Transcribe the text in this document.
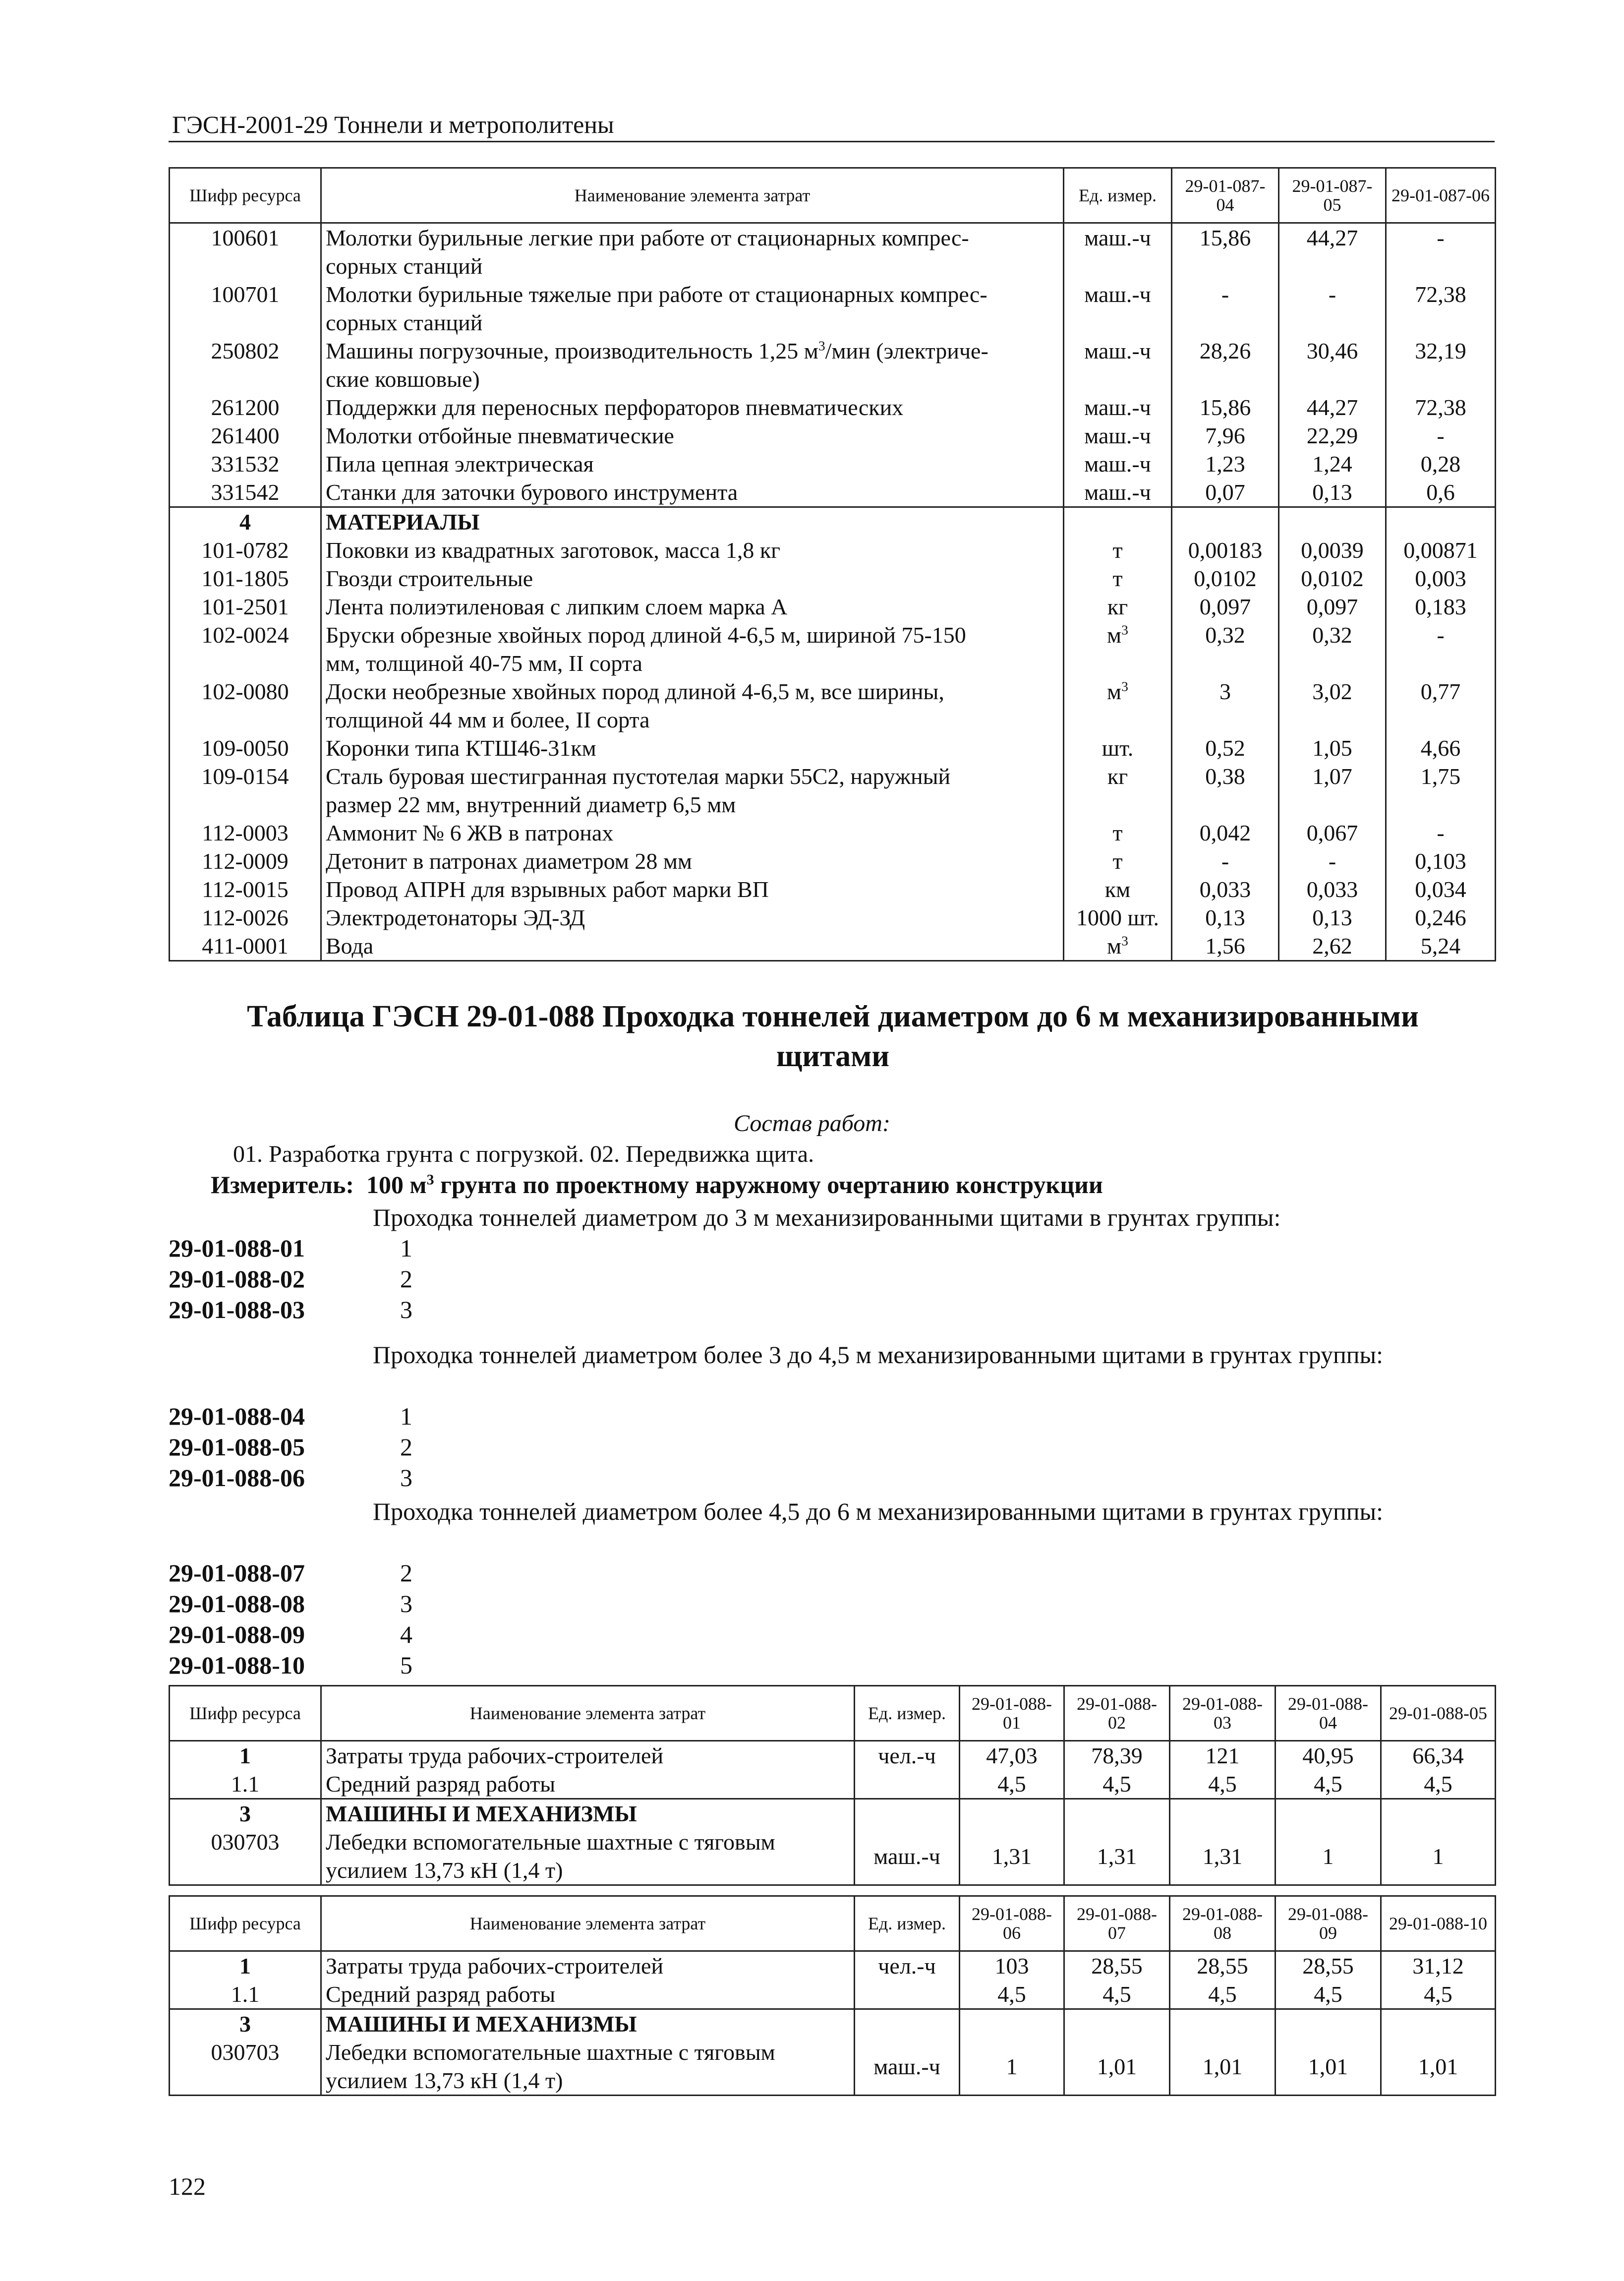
ГЭСН-2001-29 Тоннели и метрополитены
Шифр ресурса	Наименование элемента затрат	Ед. измер.	29-01-087-04	29-01-087-05	29-01-087-06
100601	Молотки бурильные легкие при работе от стационарных компрес-
сорных станций	маш.-ч	15,86	44,27	-
100701	Молотки бурильные тяжелые при работе от стационарных компрес-
сорных станций	маш.-ч	-	-	72,38
250802	Машины погрузочные, производительность 1,25 $м^3$/мин (электриче-
ские ковшовые)	маш.-ч	28,26	30,46	32,19
261200	Поддержки для переносных перфораторов пневматических	маш.-ч	15,86	44,27	72,38
261400	Молотки отбойные пневматические	маш.-ч	7,96	22,29	-
331532	Пила цепная электрическая	маш.-ч	1,23	1,24	0,28
331542	Станки для заточки бурового инструмента	маш.-ч	0,07	0,13	0,6
4	МАТЕРИАЛЫ				
101-0782	Поковки из квадратных заготовок, масса 1,8 кг	т	0,00183	0,0039	0,00871
101-1805	Гвозди строительные	т	0,0102	0,0102	0,003
101-2501	Лента полиэтиленовая с липким слоем марка А	кг	0,097	0,097	0,183
102-0024	Бруски обрезные хвойных пород длиной 4-6,5 м, шириной 75-150
мм, толщиной 40-75 мм, II сорта	$м^3$	0,32	0,32	-
102-0080	Доски необрезные хвойных пород длиной 4-6,5 м, все ширины,
толщиной 44 мм и более, II сорта	$м^3$	3	3,02	0,77
109-0050	Коронки типа КТШ46-31км	шт.	0,52	1,05	4,66
109-0154	Сталь буровая шестигранная пустотелая марки 55С2, наружный
размер 22 мм, внутренний диаметр 6,5 мм	кг	0,38	1,07	1,75
112-0003	Аммонит № 6 ЖВ в патронах	т	0,042	0,067	-
112-0009	Детонит в патронах диаметром 28 мм	т	-	-	0,103
112-0015	Провод АПРН для взрывных работ марки ВП	км	0,033	0,033	0,034
112-0026	Электродетонаторы ЭД-ЗД	1000 шт.	0,13	0,13	0,246
411-0001	Вода	$м^3$	1,56	2,62	5,24
Таблица ГЭСН 29-01-088 Проходка тоннелей диаметром до 6 м механизированными
щитами
Состав работ:
01. Разработка грунта с погрузкой. 02. Передвижка щита.
Измеритель: 100 $м^3$ грунта по проектному наружному очертанию конструкции
Проходка тоннелей диаметром до 3 м механизированными щитами в грунтах группы:
29-01-088-01	1
29-01-088-02	2
29-01-088-03	3
Проходка тоннелей диаметром более 3 до 4,5 м механизированными щитами в грунтах группы:
29-01-088-04	1
29-01-088-05	2
29-01-088-06	3
Проходка тоннелей диаметром более 4,5 до 6 м механизированными щитами в грунтах группы:
29-01-088-07	2
29-01-088-08	3
29-01-088-09	4
29-01-088-10	5
Шифр ресурса	Наименование элемента затрат	Ед. измер.	29-01-088-01	29-01-088-02	29-01-088-03	29-01-088-04	29-01-088-05
1	Затраты труда рабочих-строителей	чел.-ч	47,03	78,39	121	40,95	66,34
1.1	Средний разряд работы		4,5	4,5	4,5	4,5	4,5
3	МАШИНЫ И МЕХАНИЗМЫ						
030703	Лебедки вспомогательные шахтные с тяговым
усилием 13,73 кН (1,4 т)	маш.-ч	1,31	1,31	1,31	1	1
Шифр ресурса	Наименование элемента затрат	Ед. измер.	29-01-088-06	29-01-088-07	29-01-088-08	29-01-088-09	29-01-088-10
1	Затраты труда рабочих-строителей	чел.-ч	103	28,55	28,55	28,55	31,12
1.1	Средний разряд работы		4,5	4,5	4,5	4,5	4,5
3	МАШИНЫ И МЕХАНИЗМЫ						
030703	Лебедки вспомогательные шахтные с тяговым
усилием 13,73 кН (1,4 т)	маш.-ч	1	1,01	1,01	1,01	1,01
122
